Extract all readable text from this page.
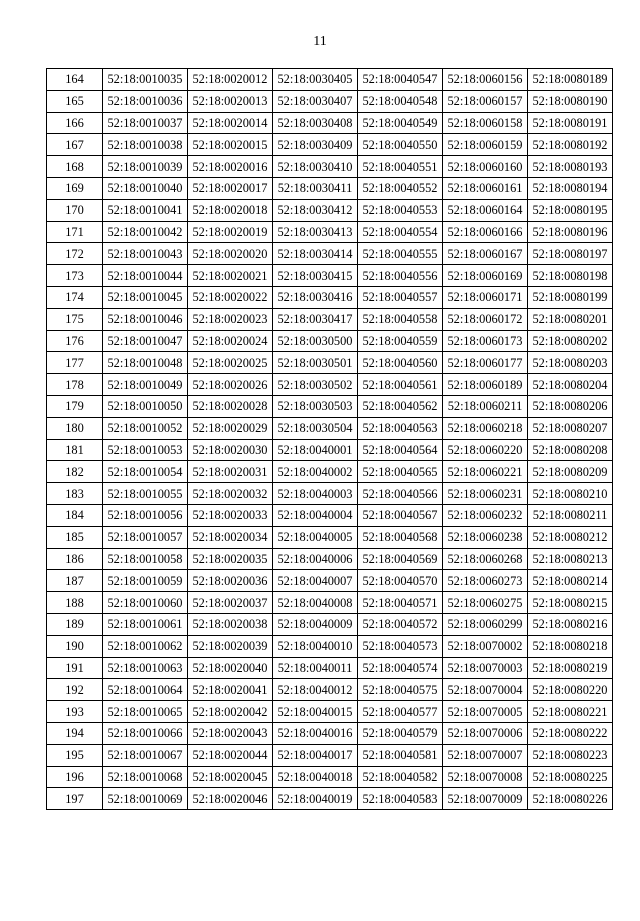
11
164	52:18:0010035	52:18:0020012	52:18:0030405	52:18:0040547	52:18:0060156	52:18:0080189
165	52:18:0010036	52:18:0020013	52:18:0030407	52:18:0040548	52:18:0060157	52:18:0080190
166	52:18:0010037	52:18:0020014	52:18:0030408	52:18:0040549	52:18:0060158	52:18:0080191
167	52:18:0010038	52:18:0020015	52:18:0030409	52:18:0040550	52:18:0060159	52:18:0080192
168	52:18:0010039	52:18:0020016	52:18:0030410	52:18:0040551	52:18:0060160	52:18:0080193
169	52:18:0010040	52:18:0020017	52:18:0030411	52:18:0040552	52:18:0060161	52:18:0080194
170	52:18:0010041	52:18:0020018	52:18:0030412	52:18:0040553	52:18:0060164	52:18:0080195
171	52:18:0010042	52:18:0020019	52:18:0030413	52:18:0040554	52:18:0060166	52:18:0080196
172	52:18:0010043	52:18:0020020	52:18:0030414	52:18:0040555	52:18:0060167	52:18:0080197
173	52:18:0010044	52:18:0020021	52:18:0030415	52:18:0040556	52:18:0060169	52:18:0080198
174	52:18:0010045	52:18:0020022	52:18:0030416	52:18:0040557	52:18:0060171	52:18:0080199
175	52:18:0010046	52:18:0020023	52:18:0030417	52:18:0040558	52:18:0060172	52:18:0080201
176	52:18:0010047	52:18:0020024	52:18:0030500	52:18:0040559	52:18:0060173	52:18:0080202
177	52:18:0010048	52:18:0020025	52:18:0030501	52:18:0040560	52:18:0060177	52:18:0080203
178	52:18:0010049	52:18:0020026	52:18:0030502	52:18:0040561	52:18:0060189	52:18:0080204
179	52:18:0010050	52:18:0020028	52:18:0030503	52:18:0040562	52:18:0060211	52:18:0080206
180	52:18:0010052	52:18:0020029	52:18:0030504	52:18:0040563	52:18:0060218	52:18:0080207
181	52:18:0010053	52:18:0020030	52:18:0040001	52:18:0040564	52:18:0060220	52:18:0080208
182	52:18:0010054	52:18:0020031	52:18:0040002	52:18:0040565	52:18:0060221	52:18:0080209
183	52:18:0010055	52:18:0020032	52:18:0040003	52:18:0040566	52:18:0060231	52:18:0080210
184	52:18:0010056	52:18:0020033	52:18:0040004	52:18:0040567	52:18:0060232	52:18:0080211
185	52:18:0010057	52:18:0020034	52:18:0040005	52:18:0040568	52:18:0060238	52:18:0080212
186	52:18:0010058	52:18:0020035	52:18:0040006	52:18:0040569	52:18:0060268	52:18:0080213
187	52:18:0010059	52:18:0020036	52:18:0040007	52:18:0040570	52:18:0060273	52:18:0080214
188	52:18:0010060	52:18:0020037	52:18:0040008	52:18:0040571	52:18:0060275	52:18:0080215
189	52:18:0010061	52:18:0020038	52:18:0040009	52:18:0040572	52:18:0060299	52:18:0080216
190	52:18:0010062	52:18:0020039	52:18:0040010	52:18:0040573	52:18:0070002	52:18:0080218
191	52:18:0010063	52:18:0020040	52:18:0040011	52:18:0040574	52:18:0070003	52:18:0080219
192	52:18:0010064	52:18:0020041	52:18:0040012	52:18:0040575	52:18:0070004	52:18:0080220
193	52:18:0010065	52:18:0020042	52:18:0040015	52:18:0040577	52:18:0070005	52:18:0080221
194	52:18:0010066	52:18:0020043	52:18:0040016	52:18:0040579	52:18:0070006	52:18:0080222
195	52:18:0010067	52:18:0020044	52:18:0040017	52:18:0040581	52:18:0070007	52:18:0080223
196	52:18:0010068	52:18:0020045	52:18:0040018	52:18:0040582	52:18:0070008	52:18:0080225
197	52:18:0010069	52:18:0020046	52:18:0040019	52:18:0040583	52:18:0070009	52:18:0080226
